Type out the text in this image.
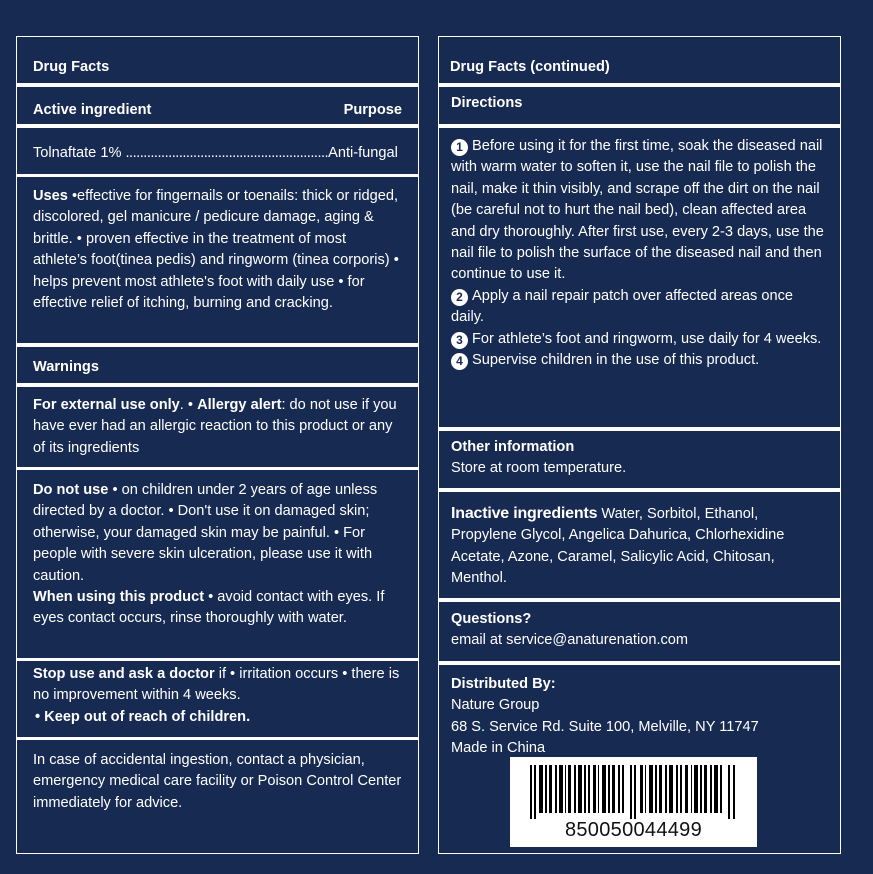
Drug Facts
Active ingredient	Purpose
Tolnaftate 1% .........................................................Anti-fungal
Uses •effective for fingernails or toenails: thick or ridged, discolored, gel manicure / pedicure damage, aging & brittle. • proven effective in the treatment of most athlete’s foot(tinea pedis) and ringworm (tinea corporis) • helps prevent most athlete's foot with daily use • for effective relief of itching, burning and cracking.
Warnings
For external use only. • Allergy alert: do not use if you have ever had an allergic reaction to this product or any of its ingredients
Do not use • on children under 2 years of age unless directed by a doctor. • Don't use it on damaged skin; otherwise, your damaged skin may be painful. • For people with severe skin ulceration, please use it with caution.
When using this product • avoid contact with eyes. If eyes contact occurs, rinse thoroughly with water.
Stop use and ask a doctor if • irritation occurs • there is no improvement within 4 weeks.
• Keep out of reach of children.
In case of accidental ingestion, contact a physician, emergency medical care facility or Poison Control Center immediately for advice.
Drug Facts (continued)
Directions
1 Before using it for the first time, soak the diseased nail with warm water to soften it, use the nail file to polish the nail, make it thin visibly, and scrape off the dirt on the nail (be careful not to hurt the nail bed), clean affected area and dry thoroughly. After first use, every 2-3 days, use the nail file to polish the surface of the diseased nail and then continue to use it.
2 Apply a nail repair patch over affected areas once daily.
3 For athlete’s foot and ringworm, use daily for 4 weeks.
4 Supervise children in the use of this product.
Other information
Store at room temperature.
Inactive ingredients Water, Sorbitol, Ethanol, Propylene Glycol, Angelica Dahurica, Chlorhexidine Acetate, Azone, Caramel, Salicylic Acid, Chitosan, Menthol.
Questions?
email at service@anaturenation.com
Distributed By:
Nature Group
68 S. Service Rd. Suite 100, Melville, NY 11747
Made in China
850050044499
